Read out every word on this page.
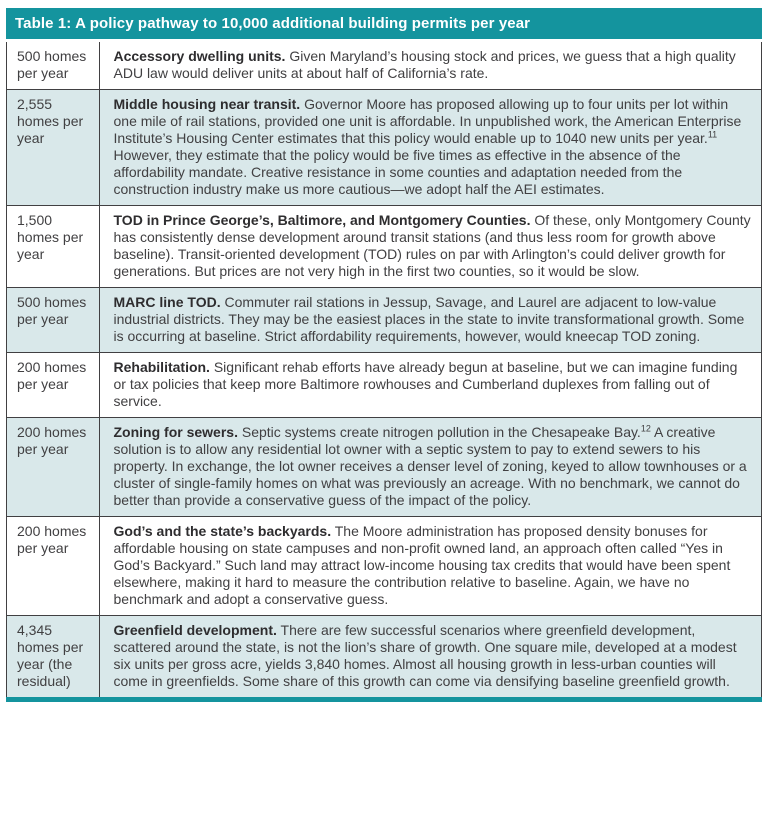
Table 1: A policy pathway to 10,000 additional building permits per year
500 homes per year	Accessory dwelling units. Given Maryland’s housing stock and prices, we guess that a high quality ADU law would deliver units at about half of California’s rate.
2,555 homes per year	Middle housing near transit. Governor Moore has proposed allowing up to four units per lot within one mile of rail stations, provided one unit is affordable. In unpublished work, the American Enterprise Institute’s Housing Center estimates that this policy would enable up to 1040 new units per year.$^{11}$ However, they estimate that the policy would be five times as effective in the absence of the affordability mandate. Creative resistance in some counties and adaptation needed from the construction industry make us more cautious—we adopt half the AEI estimates.
1,500 homes per year	TOD in Prince George’s, Baltimore, and Montgomery Counties. Of these, only Montgomery County has consistently dense development around transit stations (and thus less room for growth above baseline). Transit-oriented development (TOD) rules on par with Arlington’s could deliver growth for generations. But prices are not very high in the first two counties, so it would be slow.
500 homes per year	MARC line TOD. Commuter rail stations in Jessup, Savage, and Laurel are adjacent to low-value industrial districts. They may be the easiest places in the state to invite transformational growth. Some is occurring at baseline. Strict affordability requirements, however, would kneecap TOD zoning.
200 homes per year	Rehabilitation. Significant rehab efforts have already begun at baseline, but we can imagine funding or tax policies that keep more Baltimore rowhouses and Cumberland duplexes from falling out of service.
200 homes per year	Zoning for sewers. Septic systems create nitrogen pollution in the Chesapeake Bay.$^{12}$ A creative solution is to allow any residential lot owner with a septic system to pay to extend sewers to his property. In exchange, the lot owner receives a denser level of zoning, keyed to allow townhouses or a cluster of single-family homes on what was previously an acreage. With no benchmark, we cannot do better than provide a conservative guess of the impact of the policy.
200 homes per year	God’s and the state’s backyards. The Moore administration has proposed density bonuses for affordable housing on state campuses and non-profit owned land, an approach often called “Yes in God’s Backyard.” Such land may attract low-income housing tax credits that would have been spent elsewhere, making it hard to measure the contribution relative to baseline. Again, we have no benchmark and adopt a conservative guess.
4,345 homes per year (the residual)	Greenfield development. There are few successful scenarios where greenfield development, scattered around the state, is not the lion’s share of growth. One square mile, developed at a modest six units per gross acre, yields 3,840 homes. Almost all housing growth in less-urban counties will come in greenfields. Some share of this growth can come via densifying baseline greenfield growth.
